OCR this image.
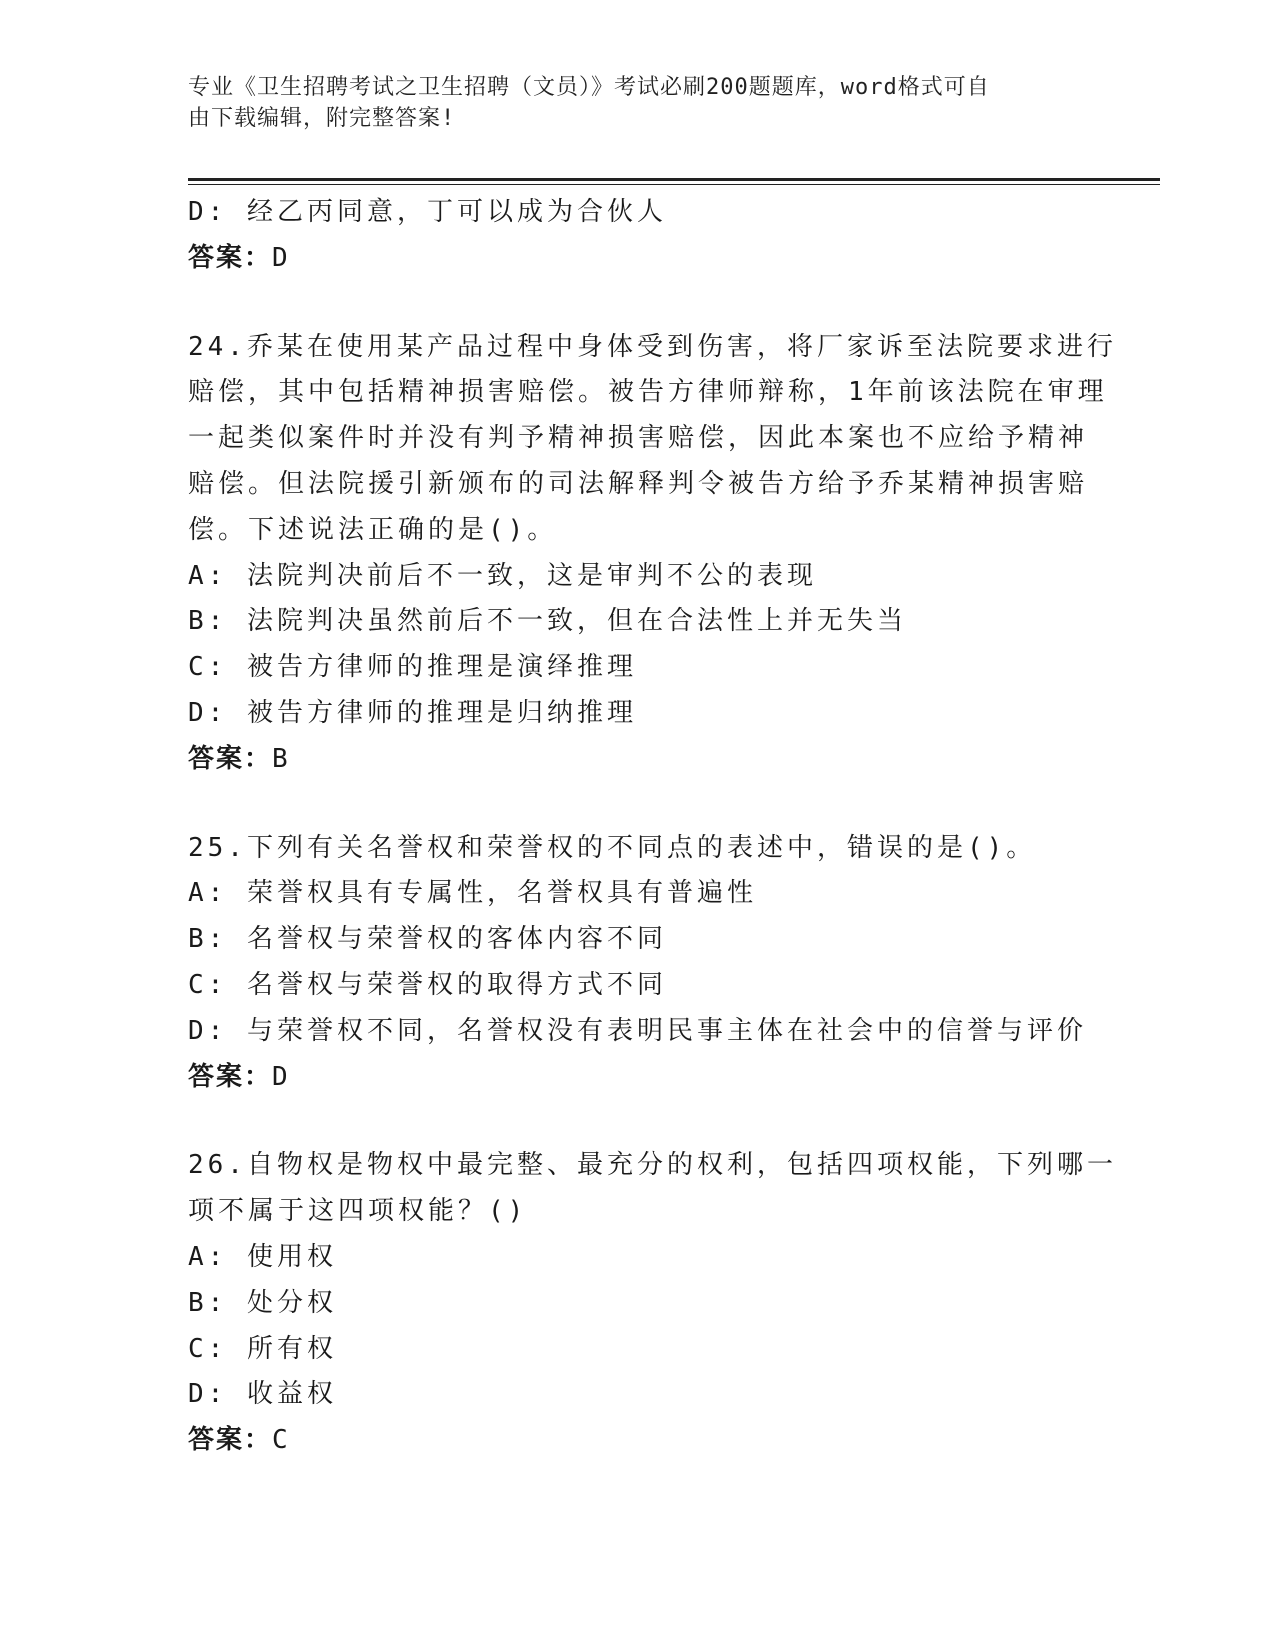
专业《卫生招聘考试之卫生招聘（文员）》考试必刷200题题库，word格式可自
由下载编辑，附完整答案!
D: 经乙丙同意，丁可以成为合伙人
答案：D
24.乔某在使用某产品过程中身体受到伤害，将厂家诉至法院要求进行
赔偿，其中包括精神损害赔偿。被告方律师辩称，1年前该法院在审理
一起类似案件时并没有判予精神损害赔偿，因此本案也不应给予精神
赔偿。但法院援引新颁布的司法解释判令被告方给予乔某精神损害赔
偿。下述说法正确的是()。
A: 法院判决前后不一致，这是审判不公的表现
B: 法院判决虽然前后不一致，但在合法性上并无失当
C: 被告方律师的推理是演绎推理
D: 被告方律师的推理是归纳推理
答案：B
25.下列有关名誉权和荣誉权的不同点的表述中，错误的是()。
A: 荣誉权具有专属性，名誉权具有普遍性
B: 名誉权与荣誉权的客体内容不同
C: 名誉权与荣誉权的取得方式不同
D: 与荣誉权不同，名誉权没有表明民事主体在社会中的信誉与评价
答案：D
26.自物权是物权中最完整、最充分的权利，包括四项权能，下列哪一
项不属于这四项权能？()
A: 使用权
B: 处分权
C: 所有权
D: 收益权
答案：C
